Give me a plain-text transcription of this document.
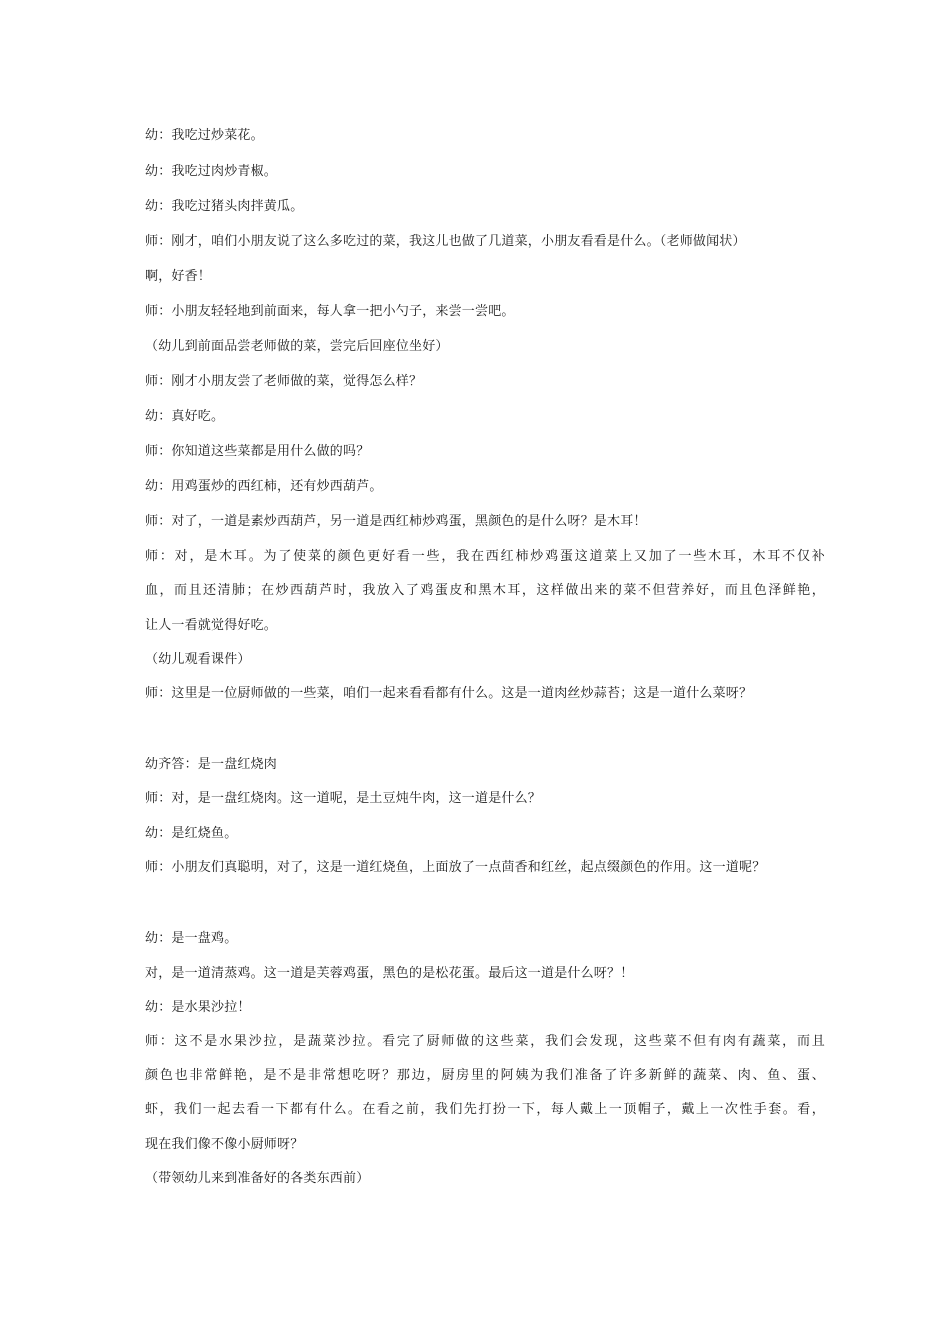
幼：我吃过炒菜花。
幼：我吃过肉炒青椒。
幼：我吃过猪头肉拌黄瓜。
师：刚才，咱们小朋友说了这么多吃过的菜，我这儿也做了几道菜，小朋友看看是什么。（老师做闻状）
啊，好香！
师：小朋友轻轻地到前面来，每人拿一把小勺子，来尝一尝吧。
（幼儿到前面品尝老师做的菜，尝完后回座位坐好）
师：刚才小朋友尝了老师做的菜，觉得怎么样？
幼：真好吃。
师：你知道这些菜都是用什么做的吗？
幼：用鸡蛋炒的西红柿，还有炒西葫芦。
师：对了，一道是素炒西葫芦，另一道是西红柿炒鸡蛋，黑颜色的是什么呀？是木耳！
师：对，是木耳。为了使菜的颜色更好看一些，我在西红柿炒鸡蛋这道菜上又加了一些木耳，木耳不仅补
血，而且还清肺；在炒西葫芦时，我放入了鸡蛋皮和黑木耳，这样做出来的菜不但营养好，而且色泽鲜艳，
让人一看就觉得好吃。
（幼儿观看课件）
师：这里是一位厨师做的一些菜，咱们一起来看看都有什么。这是一道肉丝炒蒜苔；这是一道什么菜呀？
幼齐答：是一盘红烧肉
师：对，是一盘红烧肉。这一道呢，是土豆炖牛肉，这一道是什么？
幼：是红烧鱼。
师：小朋友们真聪明，对了，这是一道红烧鱼，上面放了一点茴香和红丝，起点缀颜色的作用。这一道呢？
幼：是一盘鸡。
对，是一道清蒸鸡。这一道是芙蓉鸡蛋，黑色的是松花蛋。最后这一道是什么呀？！
幼：是水果沙拉！
师：这不是水果沙拉，是蔬菜沙拉。看完了厨师做的这些菜，我们会发现，这些菜不但有肉有蔬菜，而且
颜色也非常鲜艳，是不是非常想吃呀？那边，厨房里的阿姨为我们准备了许多新鲜的蔬菜、肉、鱼、蛋、
虾，我们一起去看一下都有什么。在看之前，我们先打扮一下，每人戴上一顶帽子，戴上一次性手套。看，
现在我们像不像小厨师呀？
（带领幼儿来到准备好的各类东西前）
